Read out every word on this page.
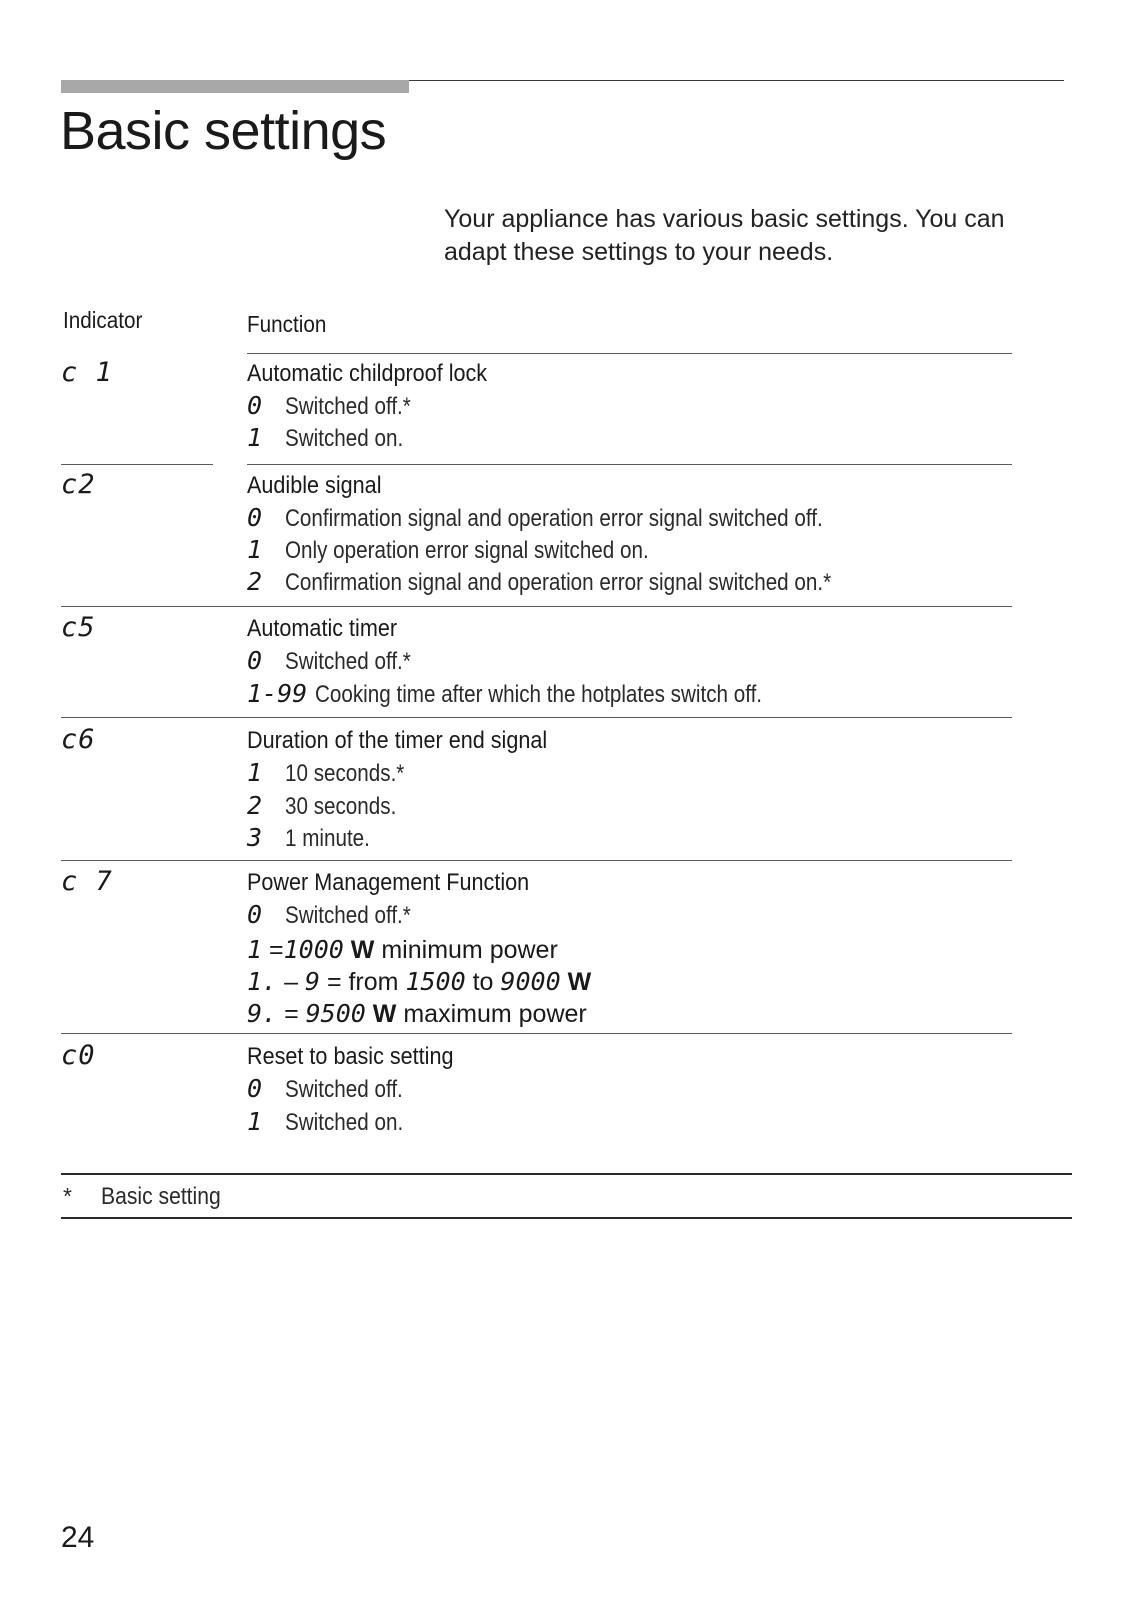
Basic settings

Your appliance has various basic settings. You can adapt these settings to your needs.

Indicator	Function
c 1	Automatic childproof lock
0 Switched off.*
1 Switched on.
c2	Audible signal
0 Confirmation signal and operation error signal switched off.
1 Only operation error signal switched on.
2 Confirmation signal and operation error signal switched on.*
c5	Automatic timer
0 Switched off.*
1-99 Cooking time after which the hotplates switch off.
c6	Duration of the timer end signal
1 10 seconds.*
2 30 seconds.
3 1 minute.
c 7	Power Management Function
0 Switched off.*
1 =1000 W minimum power
1. – 9 = from 1500 to 9000 W
9. = 9500 W maximum power
c0	Reset to basic setting
0 Switched off.
1 Switched on.
* Basic setting
24
